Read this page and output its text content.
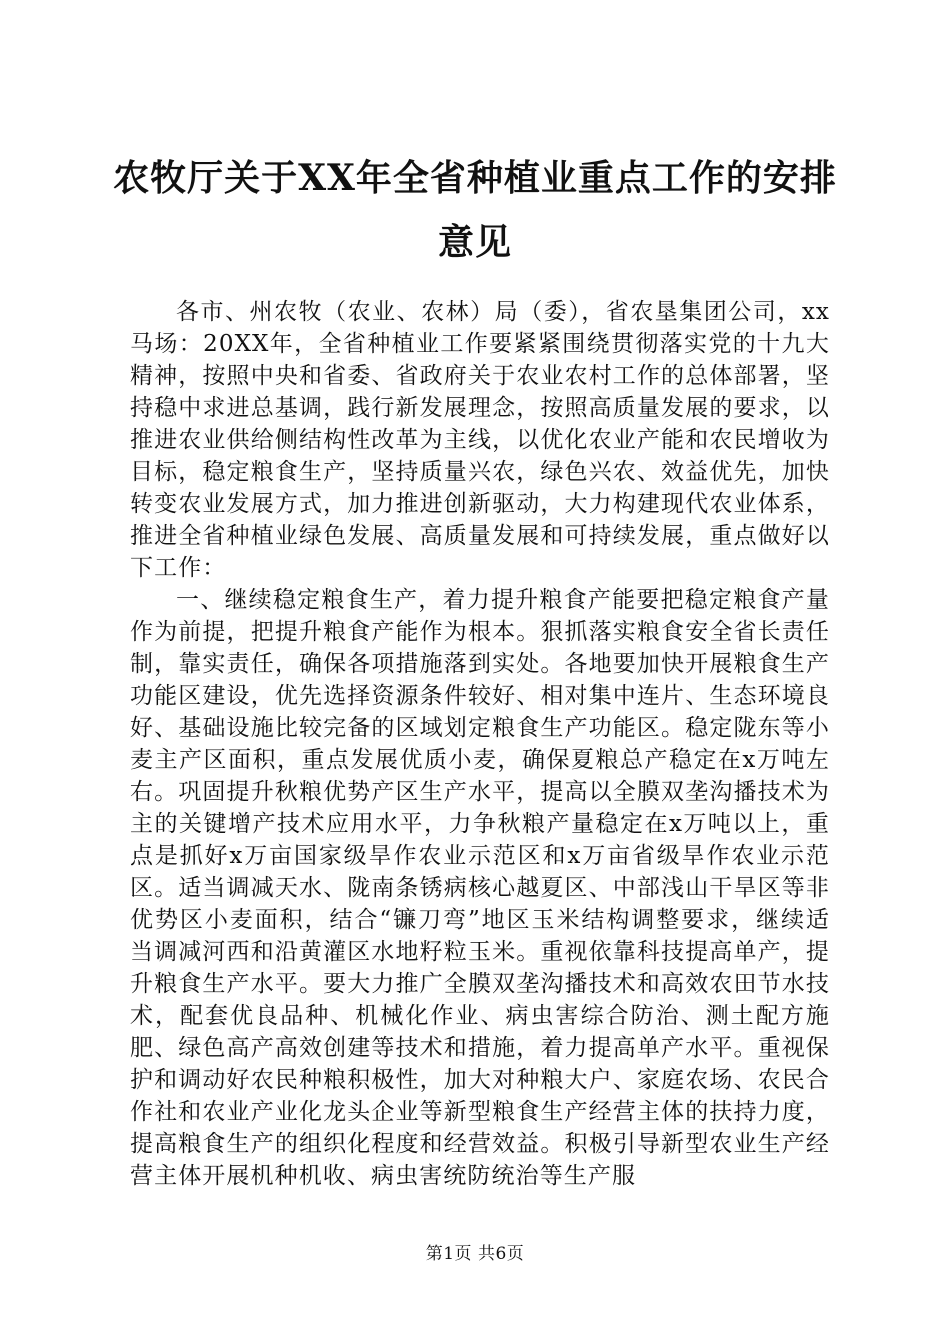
农牧厅关于XX年全省种植业重点工作的安排
意见

各市、州农牧（农业、农林）局（委），省农垦集团公司，xx马场：20XX年，全省种植业工作要紧紧围绕贯彻落实党的十九大精神，按照中央和省委、省政府关于农业农村工作的总体部署，坚持稳中求进总基调，践行新发展理念，按照高质量发展的要求，以推进农业供给侧结构性改革为主线，以优化农业产能和农民增收为目标，稳定粮食生产，坚持质量兴农，绿色兴农、效益优先，加快转变农业发展方式，加力推进创新驱动，大力构建现代农业体系，推进全省种植业绿色发展、高质量发展和可持续发展，重点做好以下工作：

一、继续稳定粮食生产，着力提升粮食产能要把稳定粮食产量作为前提，把提升粮食产能作为根本。狠抓落实粮食安全省长责任制，靠实责任，确保各项措施落到实处。各地要加快开展粮食生产功能区建设，优先选择资源条件较好、相对集中连片、生态环境良好、基础设施比较完备的区域划定粮食生产功能区。稳定陇东等小麦主产区面积，重点发展优质小麦，确保夏粮总产稳定在x万吨左右。巩固提升秋粮优势产区生产水平，提高以全膜双垄沟播技术为主的关键增产技术应用水平，力争秋粮产量稳定在x万吨以上，重点是抓好x万亩国家级旱作农业示范区和x万亩省级旱作农业示范区。适当调减天水、陇南条锈病核心越夏区、中部浅山干旱区等非优势区小麦面积，结合“镰刀弯”地区玉米结构调整要求，继续适当调减河西和沿黄灌区水地籽粒玉米。重视依靠科技提高单产，提升粮食生产水平。要大力推广全膜双垄沟播技术和高效农田节水技术，配套优良品种、机械化作业、病虫害综合防治、测土配方施肥、绿色高产高效创建等技术和措施，着力提高单产水平。重视保护和调动好农民种粮积极性，加大对种粮大户、家庭农场、农民合作社和农业产业化龙头企业等新型粮食生产经营主体的扶持力度，提高粮食生产的组织化程度和经营效益。积极引导新型农业生产经营主体开展机种机收、病虫害统防统治等生产服

第1页 共6页
